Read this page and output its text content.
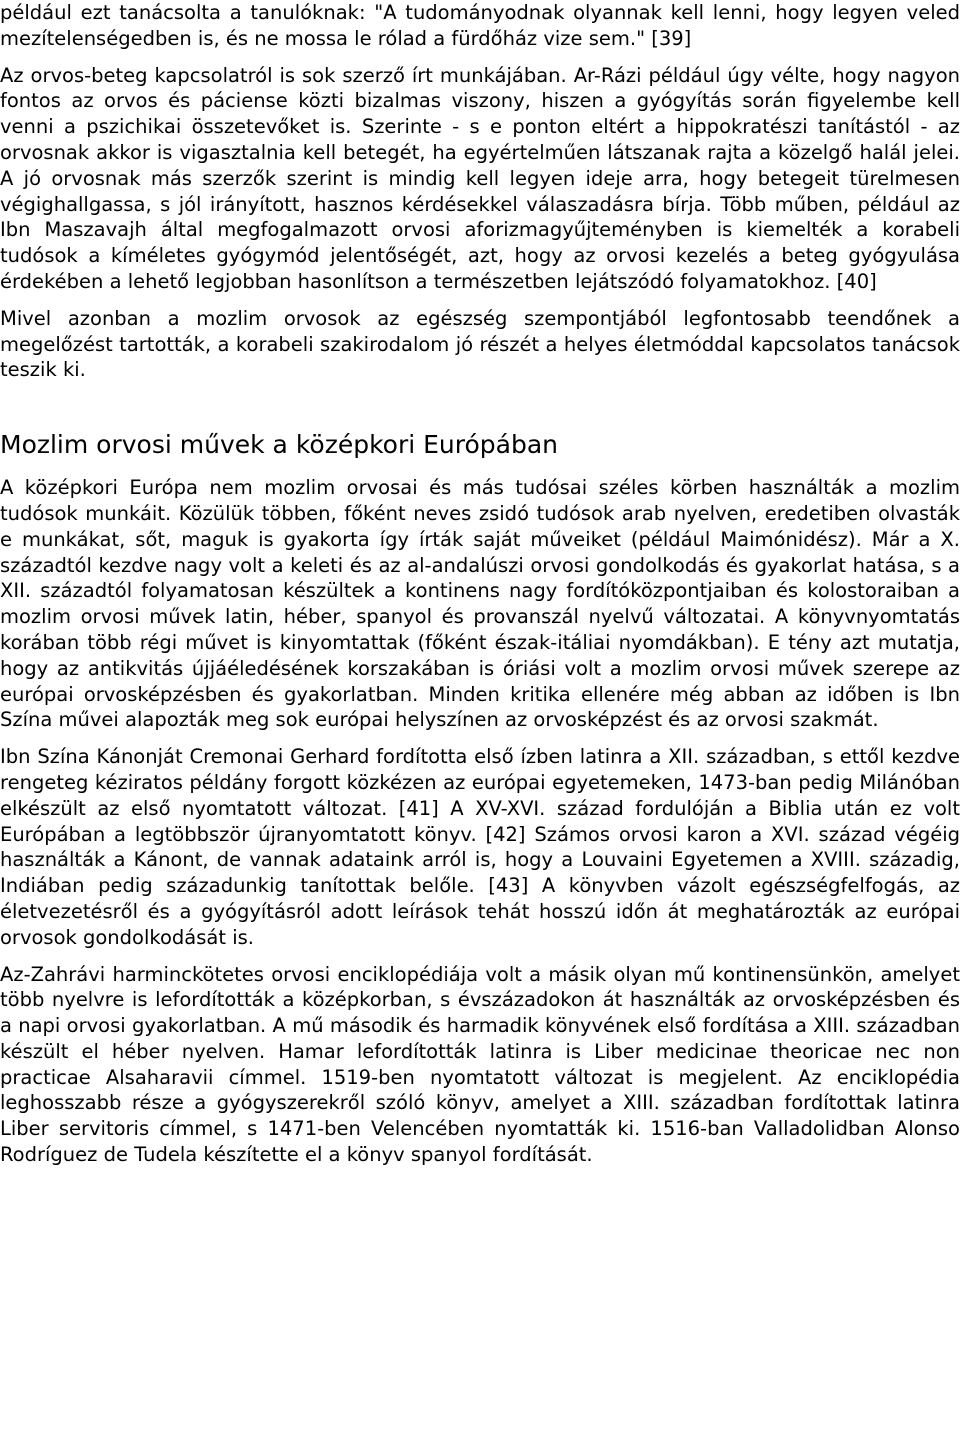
például ezt tanácsolta a tanulóknak: "A tudományodnak olyannak kell lenni, hogy legyen veled mezítelenségedben is, és ne mossa le rólad a fürdőház vize sem." [39]

Az orvos-beteg kapcsolatról is sok szerző írt munkájában. Ar-Rázi például úgy vélte, hogy nagyon fontos az orvos és páciense közti bizalmas viszony, hiszen a gyógyítás során figyelembe kell venni a pszichikai összetevőket is. Szerinte - s e ponton eltért a hippokratészi tanítástól - az orvosnak akkor is vigasztalnia kell betegét, ha egyértelműen látszanak rajta a közelgő halál jelei. A jó orvosnak más szerzők szerint is mindig kell legyen ideje arra, hogy betegeit türelmesen végighallgassa, s jól irányított, hasznos kérdésekkel válaszadásra bírja. Több műben, például az Ibn Maszavajh által megfogalmazott orvosi aforizmagyűjteményben is kiemelték a korabeli tudósok a kíméletes gyógymód jelentőségét, azt, hogy az orvosi kezelés a beteg gyógyulása érdekében a lehető legjobban hasonlítson a természetben lejátszódó folyamatokhoz. [40]

Mivel azonban a mozlim orvosok az egészség szempontjából legfontosabb teendőnek a megelőzést tartották, a korabeli szakirodalom jó részét a helyes életmóddal kapcsolatos tanácsok teszik ki.

Mozlim orvosi művek a középkori Európában

A középkori Európa nem mozlim orvosai és más tudósai széles körben használták a mozlim tudósok munkáit. Közülük többen, főként neves zsidó tudósok arab nyelven, eredetiben olvasták e munkákat, sőt, maguk is gyakorta így írták saját műveiket (például Maimónidész). Már a X. századtól kezdve nagy volt a keleti és az al-andalúszi orvosi gondolkodás és gyakorlat hatása, s a XII. századtól folyamatosan készültek a kontinens nagy fordítóközpontjaiban és kolostoraiban a mozlim orvosi művek latin, héber, spanyol és provanszál nyelvű változatai. A könyvnyomtatás korában több régi művet is kinyomtattak (főként észak-itáliai nyomdákban). E tény azt mutatja, hogy az antikvitás újjáéledésének korszakában is óriási volt a mozlim orvosi művek szerepe az európai orvosképzésben és gyakorlatban. Minden kritika ellenére még abban az időben is Ibn Szína művei alapozták meg sok európai helyszínen az orvosképzést és az orvosi szakmát.

Ibn Szína Kánonját Cremonai Gerhard fordította első ízben latinra a XII. században, s ettől kezdve rengeteg kéziratos példány forgott közkézen az európai egyetemeken, 1473-ban pedig Milánóban elkészült az első nyomtatott változat. [41] A XV-XVI. század fordulóján a Biblia után ez volt Európában a legtöbbször újranyomtatott könyv. [42] Számos orvosi karon a XVI. század végéig használták a Kánont, de vannak adataink arról is, hogy a Louvaini Egyetemen a XVIII. századig, Indiában pedig századunkig tanítottak belőle. [43] A könyvben vázolt egészségfelfogás, az életvezetésről és a gyógyításról adott leírások tehát hosszú időn át meghatározták az európai orvosok gondolkodását is.

Az-Zahrávi harminckötetes orvosi enciklopédiája volt a másik olyan mű kontinensünkön, amelyet több nyelvre is lefordították a középkorban, s évszázadokon át használták az orvosképzésben és a napi orvosi gyakorlatban. A mű második és harmadik könyvének első fordítása a XIII. században készült el héber nyelven. Hamar lefordították latinra is Liber medicinae theoricae nec non practicae Alsaharavii címmel. 1519-ben nyomtatott változat is megjelent. Az enciklopédia leghosszabb része a gyógyszerekről szóló könyv, amelyet a XIII. században fordítottak latinra Liber servitoris címmel, s 1471-ben Velencében nyomtatták ki. 1516-ban Valladolidban Alonso Rodríguez de Tudela készítette el a könyv spanyol fordítását.
